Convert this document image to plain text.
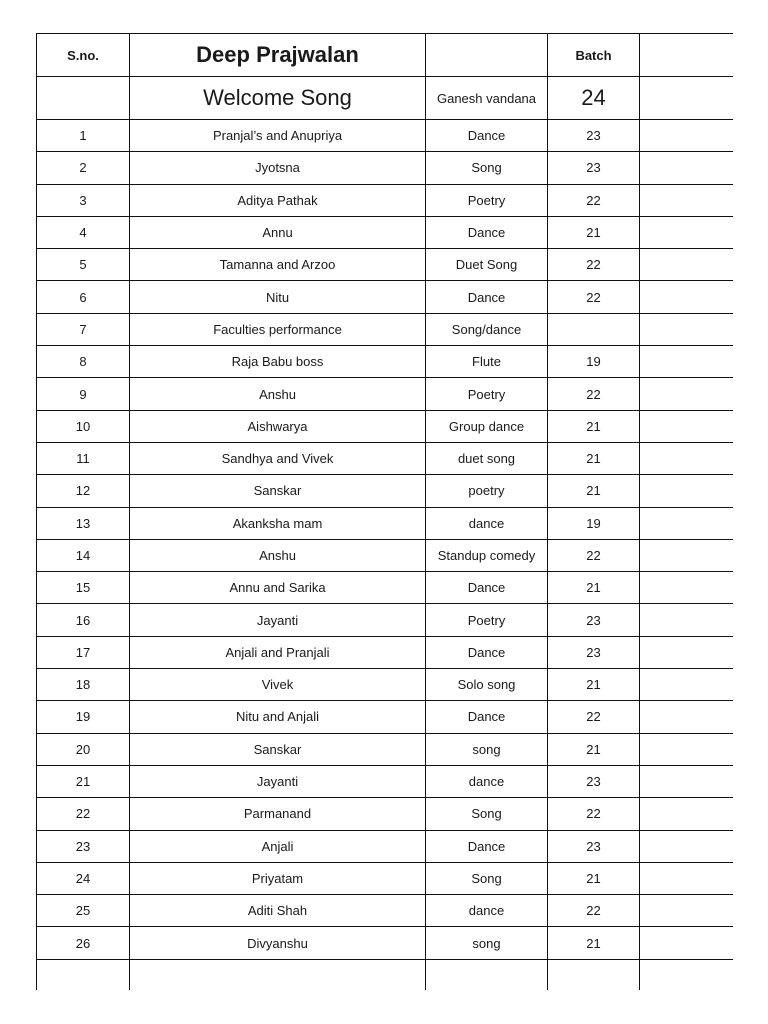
S.no.	Deep Prajwalan		Batch	
	Welcome Song	Ganesh vandana	24	
1	Pranjal’s and Anupriya	Dance	23	
2	Jyotsna	Song	23	
3	Aditya Pathak	Poetry	22	
4	Annu	Dance	21	
5	Tamanna and Arzoo	Duet Song	22	
6	Nitu	Dance	22	
7	Faculties performance	Song/dance		
8	Raja Babu boss	Flute	19	
9	Anshu	Poetry	22	
10	Aishwarya	Group dance	21	
11	Sandhya and Vivek	duet song	21	
12	Sanskar	poetry	21	
13	Akanksha mam	dance	19	
14	Anshu	Standup comedy	22	
15	Annu and Sarika	Dance	21	
16	Jayanti	Poetry	23	
17	Anjali and Pranjali	Dance	23	
18	Vivek	Solo song	21	
19	Nitu and Anjali	Dance	22	
20	Sanskar	song	21	
21	Jayanti	dance	23	
22	Parmanand	Song	22	
23	Anjali	Dance	23	
24	Priyatam	Song	21	
25	Aditi Shah	dance	22	
26	Divyanshu	song	21	
